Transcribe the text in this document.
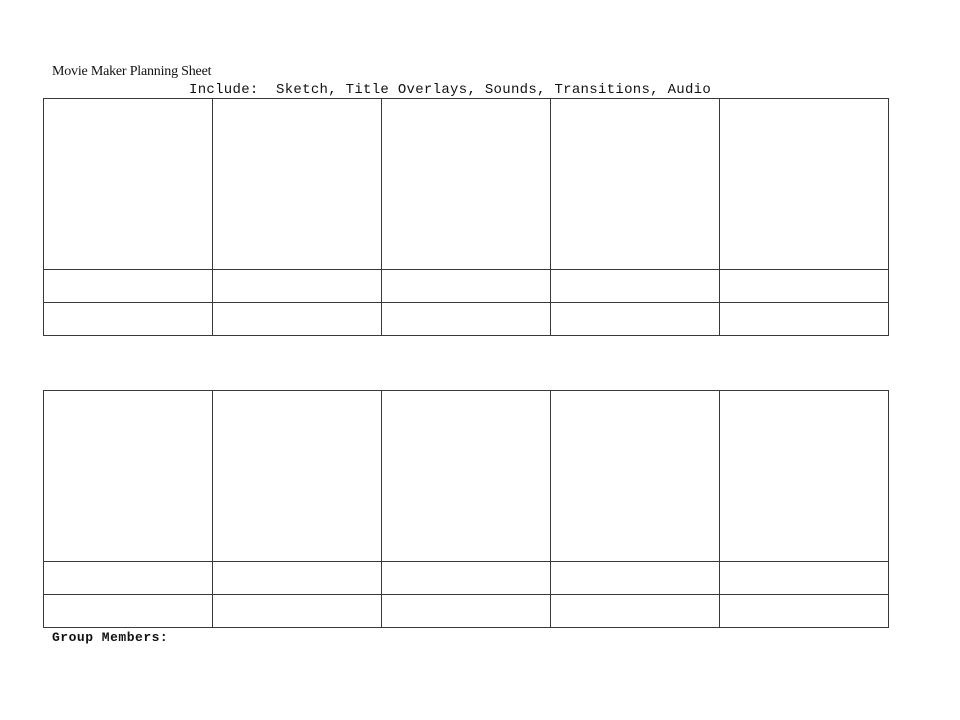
Movie Maker Planning Sheet
Include:  Sketch, Title Overlays, Sounds, Transitions, Audio

Group Members:
